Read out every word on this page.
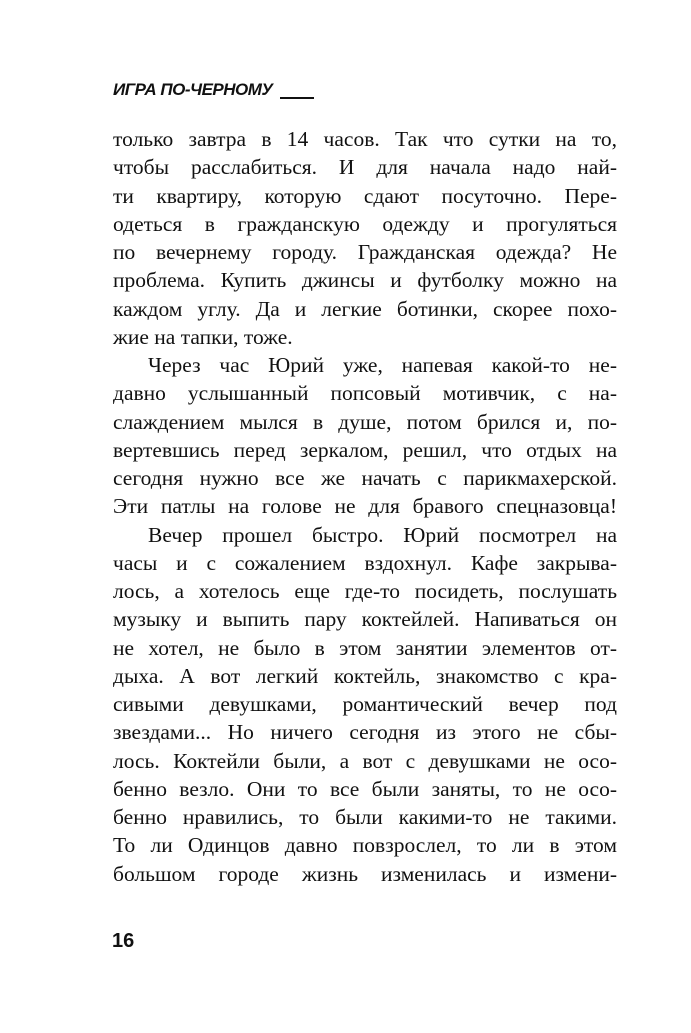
ИГРА ПО-ЧЕРНОМУ
только завтра в 14 часов. Так что сутки на то,
чтобы расслабиться. И для начала надо най-
ти квартиру, которую сдают посуточно. Пере-
одеться в гражданскую одежду и прогуляться
по вечернему городу. Гражданская одежда? Не
проблема. Купить джинсы и футболку можно на
каждом углу. Да и легкие ботинки, скорее похо-
жие на тапки, тоже.
Через час Юрий уже, напевая какой-то не-
давно услышанный попсовый мотивчик, с на-
слаждением мылся в душе, потом брился и, по-
вертевшись перед зеркалом, решил, что отдых на
сегодня нужно все же начать с парикмахерской.
Эти патлы на голове не для бравого спецназовца!
Вечер прошел быстро. Юрий посмотрел на
часы и с сожалением вздохнул. Кафе закрыва-
лось, а хотелось еще где-то посидеть, послушать
музыку и выпить пару коктейлей. Напиваться он
не хотел, не было в этом занятии элементов от-
дыха. А вот легкий коктейль, знакомство с кра-
сивыми девушками, романтический вечер под
звездами... Но ничего сегодня из этого не сбы-
лось. Коктейли были, а вот с девушками не осо-
бенно везло. Они то все были заняты, то не осо-
бенно нравились, то были какими-то не такими.
То ли Одинцов давно повзрослел, то ли в этом
большом городе жизнь изменилась и измени-
16
